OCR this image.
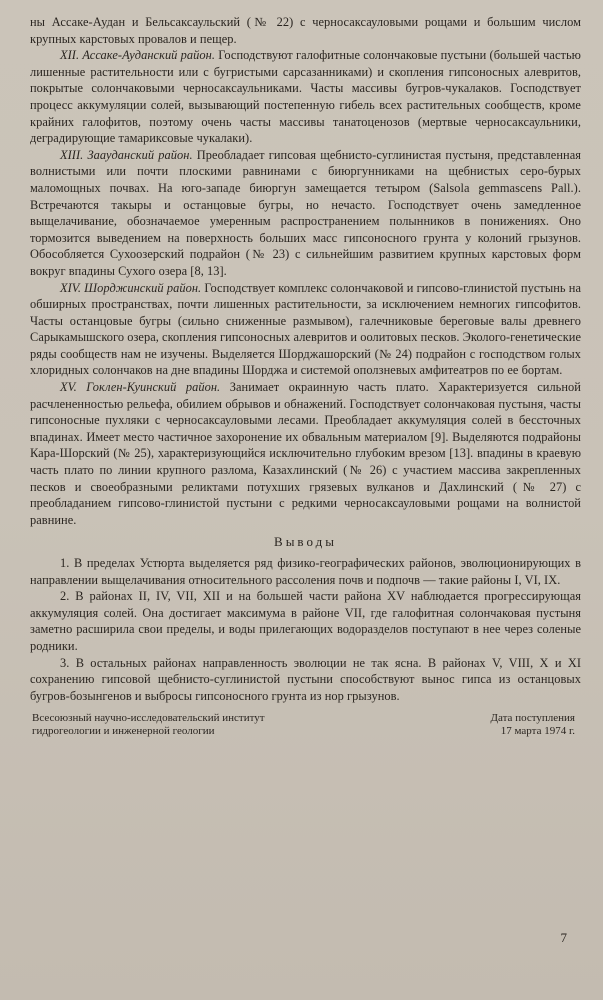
ны Ассаке-Аудан и Бельсаксаульский (№ 22) с черносаксауловыми рощами и большим числом крупных карстовых провалов и пещер.

XII. Ассаке-Ауданский район. Господствуют галофитные солончаковые пустыни (большей частью лишенные растительности или с бугристыми сарсазанниками) и скопления гипсоносных алевритов, покрытые солончаковыми черносаксаульниками. Часты массивы бугров-чукалаков. Господствует процесс аккумуляции солей, вызывающий постепенную гибель всех растительных сообществ, кроме крайних галофитов, поэтому очень часты массивы танатоценозов (мертвые черносаксаульники, деградирующие тамариксовые чукалаки).

XIII. Заауданский район. Преобладает гипсовая щебнисто-суглинистая пустыня, представленная волнистыми или почти плоскими равнинами с биюргунниками на щебнистых серо-бурых маломощных почвах. На юго-западе биюргун замещается тетыром (Salsola gemmascens Pall.). Встречаются такыры и останцовые бугры, но нечасто. Господствует очень замедленное выщелачивание, обозначаемое умеренным распространением полынников в понижениях. Оно тормозится выведением на поверхность больших масс гипсоносного грунта у колоний грызунов. Обособляется Сухоозерский подрайон (№ 23) с сильнейшим развитием крупных карстовых форм вокруг впадины Сухого озера [8, 13].

XIV. Шорджинский район. Господствует комплекс солончаковой и гипсово-глинистой пустынь на обширных пространствах, почти лишенных растительности, за исключением немногих гипсофитов. Часты останцовые бугры (сильно сниженные размывом), галечниковые береговые валы древнего Сарыкамышского озера, скопления гипсоносных алевритов и оолитовых песков. Эколого-генетические ряды сообществ нам не изучены. Выделяется Шорджашорский (№ 24) подрайон с господством голых хлоридных солончаков на дне впадины Шорджа и системой оползневых амфитеатров по ее бортам.

XV. Гоклен-Куинский район. Занимает окраинную часть плато. Характеризуется сильной расчлененностью рельефа, обилием обрывов и обнажений. Господствует солончаковая пустыня, часты гипсоносные пухляки с черносаксауловыми лесами. Преобладает аккумуляция солей в бессточных впадинах. Имеет место частичное захоронение их обвальным материалом [9]. Выделяются подрайоны Кара-Шорский (№ 25), характеризующийся исключительно глубоким врезом [13]. впадины в краевую часть плато по линии крупного разлома, Казахлинский (№ 26) с участием массива закрепленных песков и своеобразными реликтами потухших грязевых вулканов и Дахлинский (№ 27) с преобладанием гипсово-глинистой пустыни с редкими черносаксауловыми рощами на волнистой равнине.

Выводы

1. В пределах Устюрта выделяется ряд физико-географических районов, эволюционирующих в направлении выщелачивания относительного рассоления почв и подпочв — такие районы I, VI, IX.

2. В районах II, IV, VII, XII и на большей части района XV наблюдается прогрессирующая аккумуляция солей. Она достигает максимума в районе VII, где галофитная солончаковая пустыня заметно расширила свои пределы, и воды прилегающих водоразделов поступают в нее через соленые родники.

3. В остальных районах направленность эволюции не так ясна. В районах V, VIII, X и XI сохранению гипсовой щебнисто-суглинистой пустыни способствуют вынос гипса из останцовых бугров-бозынгенов и выбросы гипсоносного грунта из нор грызунов.

Всесоюзный научно-исследовательский институт
гидрогеологии и инженерной геологии
Дата поступления
17 марта 1974 г.
7
